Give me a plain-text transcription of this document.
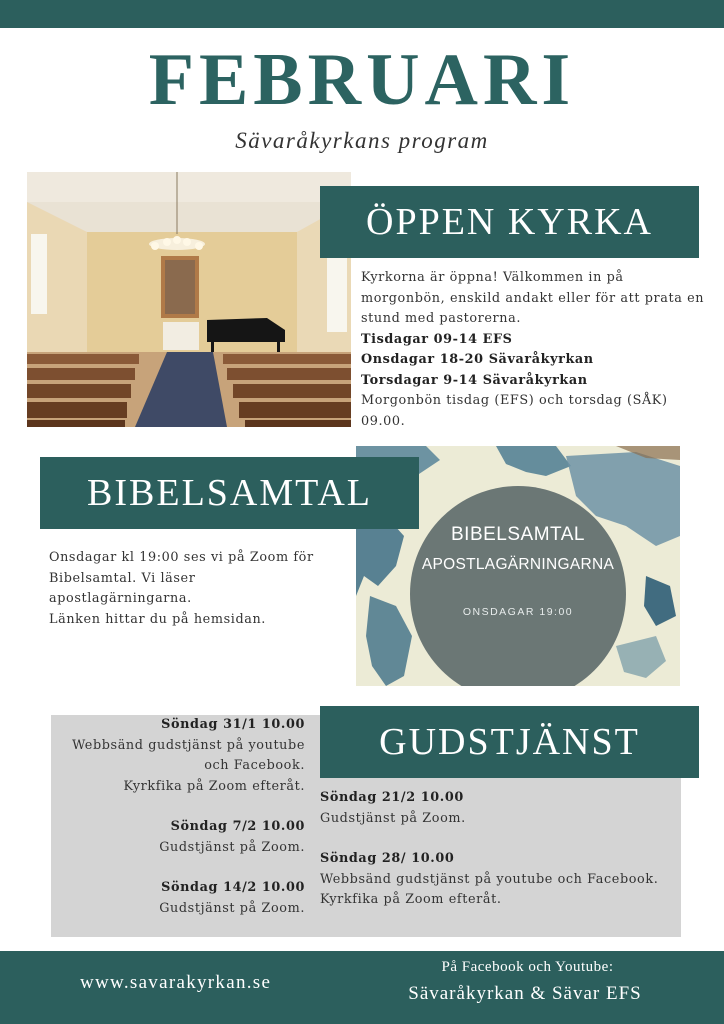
FEBRUARI
Sävaråkyrkans program
ÖPPEN KYRKA
Kyrkorna är öppna! Välkommen in på
morgonbön, enskild andakt eller för att prata en
stund med pastorerna.
Tisdagar 09-14 EFS
Onsdagar 18-20 Sävaråkyrkan
Torsdagar 9-14 Sävaråkyrkan
Morgonbön tisdag (EFS) och torsdag (SÅK)
09.00.
BIBELSAMTAL
APOSTLAGÄRNINGARNA
ONSDAGAR 19:00
BIBELSAMTAL
Onsdagar kl 19:00 ses vi på Zoom för
Bibelsamtal. Vi läser
apostlagärningarna.
Länken hittar du på hemsidan.
GUDSTJÄNST
Söndag 31/1 10.00
Webbsänd gudstjänst på youtube
och Facebook.
Kyrkfika på Zoom efteråt.
Söndag 7/2 10.00
Gudstjänst på Zoom.
Söndag 14/2 10.00
Gudstjänst på Zoom.
Söndag 21/2 10.00
Gudstjänst på Zoom.
Söndag 28/ 10.00
Webbsänd gudstjänst på youtube och Facebook.
Kyrkfika på Zoom efteråt.
www.savarakyrkan.se
På Facebook och Youtube:
Sävaråkyrkan & Sävar EFS
